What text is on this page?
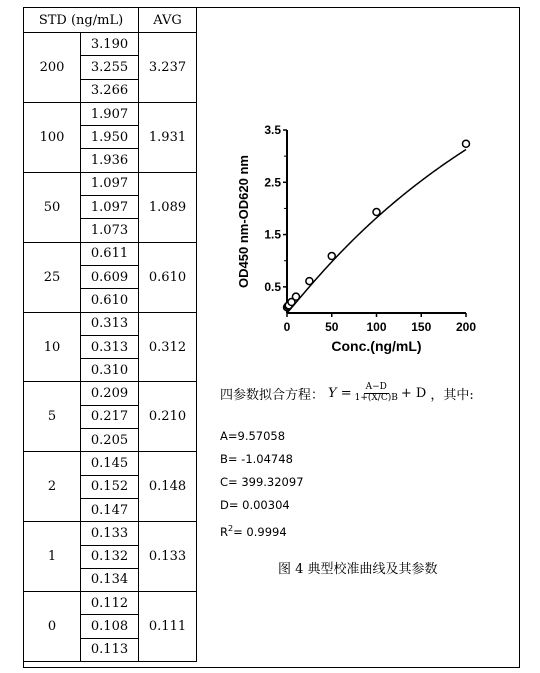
STD (ng/mL)		AVG
200	3.190	3.237
	3.255	
	3.266	
100	1.907	1.931
	1.950	
	1.936	
50	1.097	1.089
	1.097	
	1.073	
25	0.611	0.610
	0.609	
	0.610	
10	0.313	0.312
	0.313	
	0.310	
5	0.209	0.210
	0.217	
	0.205	
2	0.145	0.148
	0.152	
	0.147	
1	0.133	0.133
	0.132	
	0.134	
0	0.112	0.111
	0.108	
	0.113	
0	50 100 150 200
0.5
1.5
2.5
3.5
Conc.(ng/mL)
OD450 nm-OD620 nm
四参数拟合方程： $Y = \frac{A-D}{1+(X/C)B} + D$ ，其中:
A=9.57058
B= -1.04748
C= 399.32097
D= 0.00304
$R^2= 0.9994$
图 4 典型校准曲线及其参数
